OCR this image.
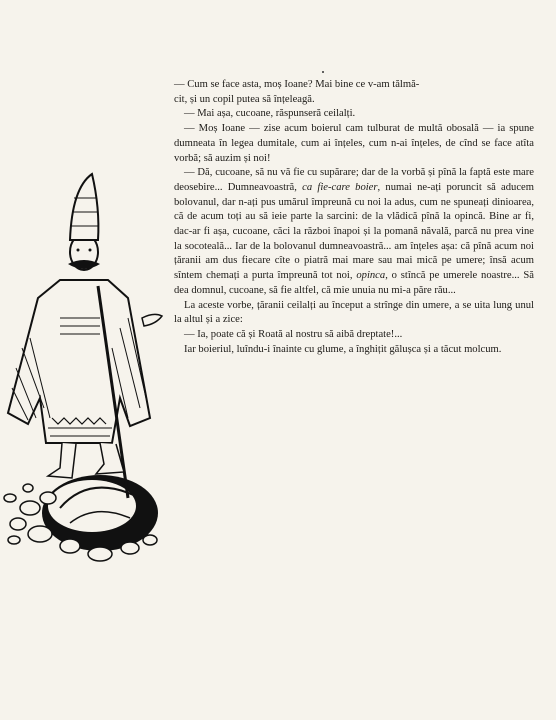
— Cum se face asta, moș Ioane? Mai bine ce v-am tălmă-
cit, și un copil putea să înțeleagă.

— Mai așa, cucoane, răspunseră ceilalți.

— Moș Ioane — zise acum boierul cam tulburat de multă obosală — ia spune dumneata în legea dumitale, cum ai înțeles, cum n-ai înțeles, de cînd se face atîta vorbă; să auzim și noi!

— Dă, cucoane, să nu vă fie cu supărare; dar de la vorbă și pînă la faptă este mare deosebire... Dumneavoastră, ca fie-care boier, numai ne-ați poruncit să aducem bolovanul, dar n-ați pus umărul împreună cu noi la adus, cum ne spuneați dinioarea, că de acum toți au să ieie parte la sarcini: de la vlădică pînă la opincă. Bine ar fi, dac-ar fi așa, cucoane, căci la război înapoi și la pomană năvală, parcă nu prea vine la socoteală... Iar de la bolovanul dumneavoastră... am înțeles așa: că pînă acum noi țăranii am dus fiecare cîte o piatră mai mare sau mai mică pe umere; însă acum sîntem chemați a purta împreună tot noi, opinca, o stîncă pe umerele noastre... Să dea domnul, cucoane, să fie altfel, că mie unuia nu mi-a păre rău...

La aceste vorbe, țăranii ceilalți au început a strînge din umere, a se uita lung unul la altul și a zice:

— Ia, poate că și Roată al nostru să aibă dreptate!...

Iar boieriul, luîndu-i înainte cu glume, a înghițit gălușca și a tăcut molcum.
